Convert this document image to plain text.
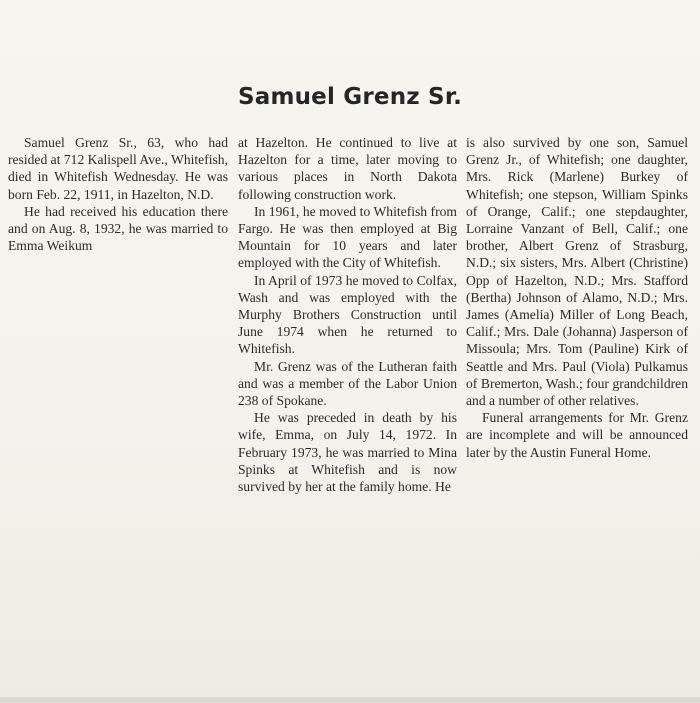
Samuel Grenz Sr.

Samuel Grenz Sr., 63, who had resided at 712 Kalispell Ave., Whitefish, died in Whitefish Wednesday. He was born Feb. 22, 1911, in Hazelton, N.D.

He had received his education there and on Aug. 8, 1932, he was married to Emma Weikum

at Hazelton. He continued to live at Hazelton for a time, later moving to various places in North Dakota following construction work.

In 1961, he moved to Whitefish from Fargo. He was then employed at Big Mountain for 10 years and later employed with the City of Whitefish.

In April of 1973 he moved to Colfax, Wash and was employed with the Murphy Brothers Construction until June 1974 when he returned to Whitefish.

Mr. Grenz was of the Lutheran faith and was a member of the Labor Union 238 of Spokane.

He was preceded in death by his wife, Emma, on July 14, 1972. In February 1973, he was married to Mina Spinks at Whitefish and is now survived by her at the family home. He

is also survived by one son, Samuel Grenz Jr., of Whitefish; one daughter, Mrs. Rick (Marlene) Burkey of Whitefish; one stepson, William Spinks of Orange, Calif.; one stepdaughter, Lorraine Vanzant of Bell, Calif.; one brother, Albert Grenz of Strasburg, N.D.; six sisters, Mrs. Albert (Christine) Opp of Hazelton, N.D.; Mrs. Stafford (Bertha) Johnson of Alamo, N.D.; Mrs. James (Amelia) Miller of Long Beach, Calif.; Mrs. Dale (Johanna) Jasperson of Missoula; Mrs. Tom (Pauline) Kirk of Seattle and Mrs. Paul (Viola) Pulkamus of Bremerton, Wash.; four grandchildren and a number of other relatives.

Funeral arrangements for Mr. Grenz are incomplete and will be announced later by the Austin Funeral Home.
